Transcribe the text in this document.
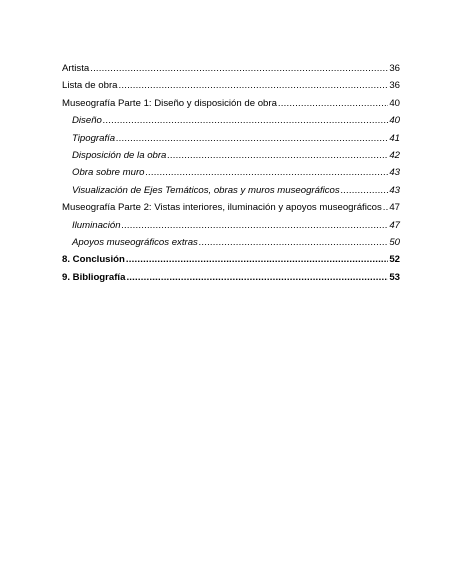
Artista .....	36
Lista de obra .....	36
Museografía Parte 1: Diseño y disposición de obra .....	40
Diseño .....	40
Tipografía .....	41
Disposición de la obra .....	42
Obra sobre muro .....	43
Visualización de Ejes Temáticos, obras y muros museográficos .....	43
Museografía Parte 2: Vistas interiores, iluminación y apoyos museográficos ..... 47
Iluminación .....	47
Apoyos museográficos extras .....	50
8. Conclusión .....	52
9. Bibliografía .....	53
